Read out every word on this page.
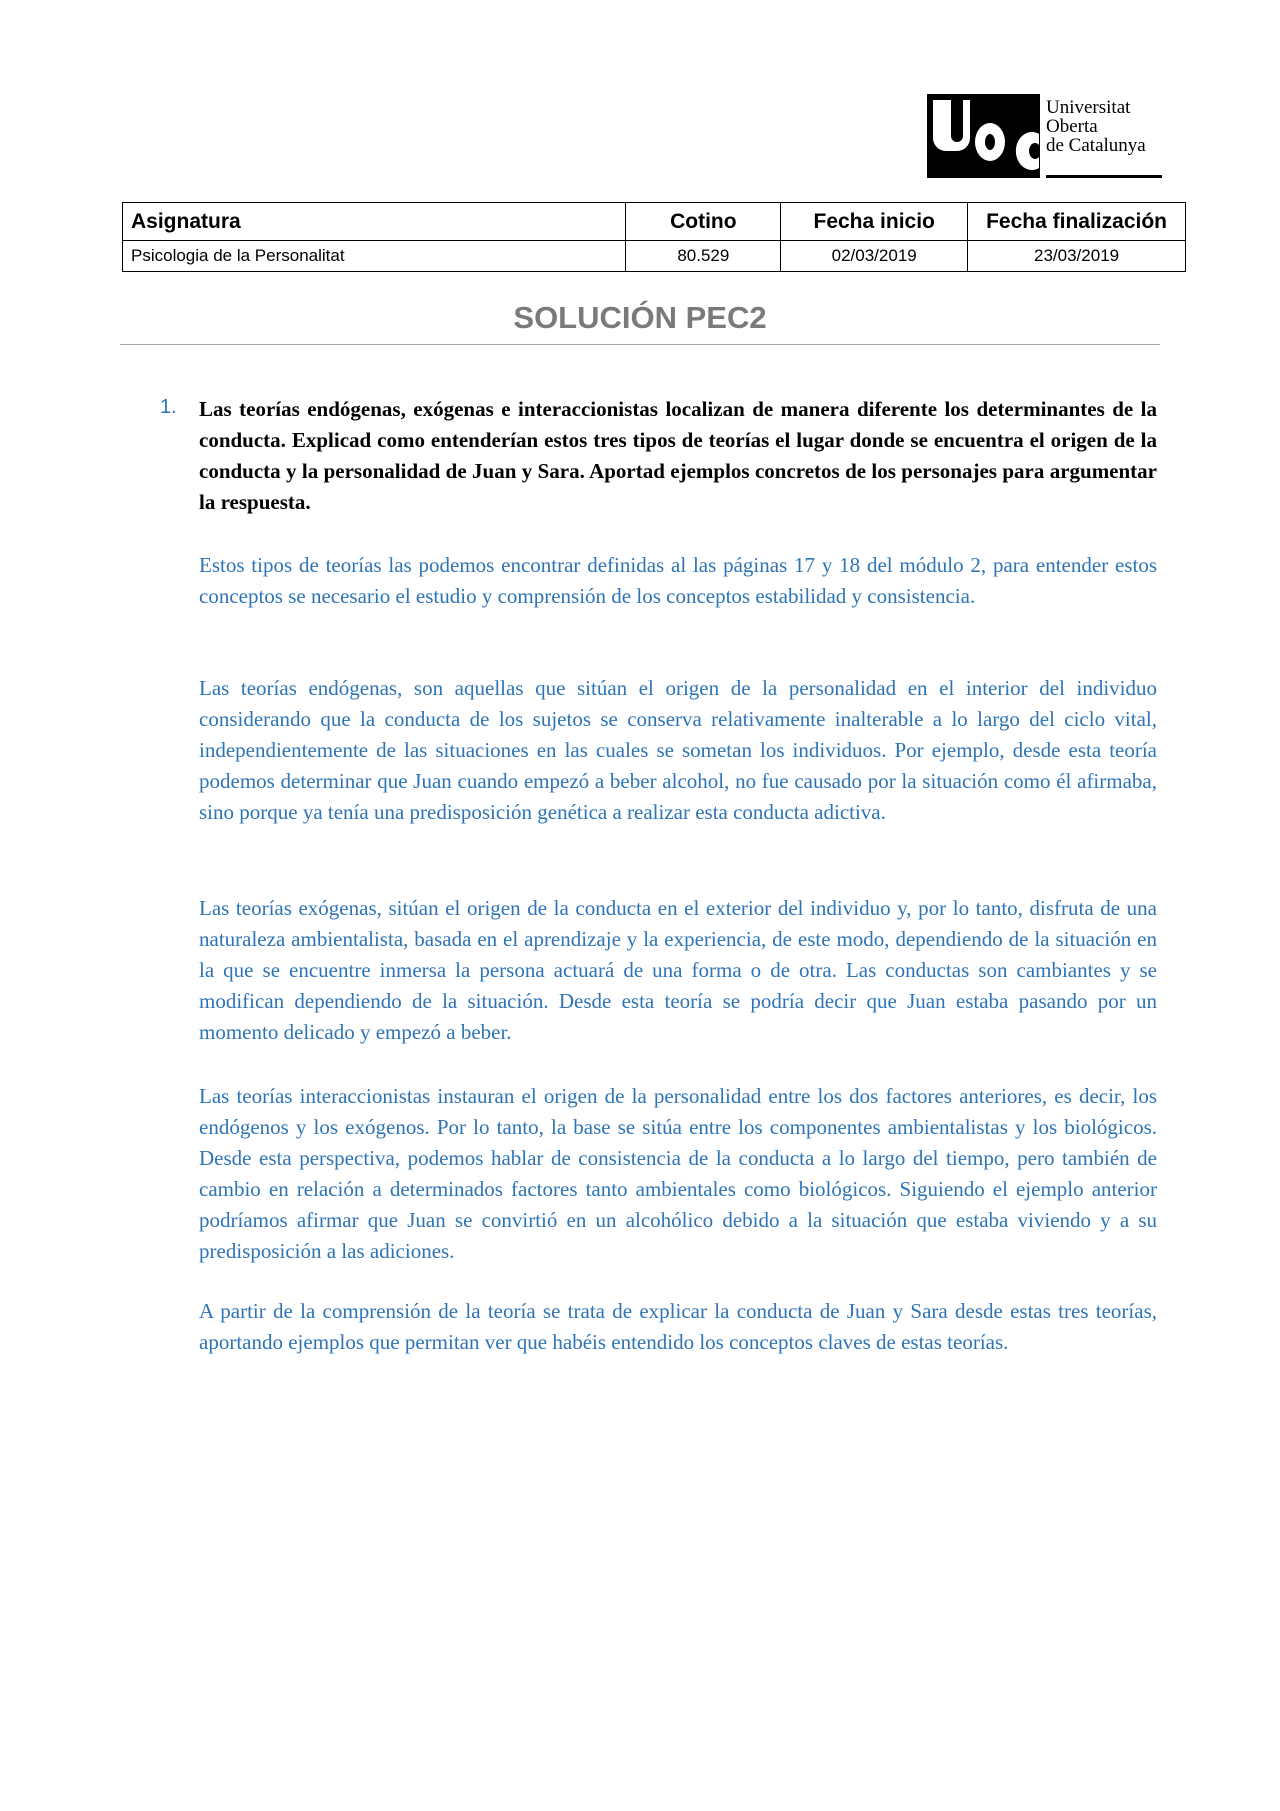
Universitat
Oberta
de Catalunya
Asignatura	Cotino	Fecha inicio	Fecha finalización
Psicologia de la Personalitat	80.529	02/03/2019	23/03/2019
SOLUCIÓN PEC2
1. Las teorías endógenas, exógenas e interaccionistas localizan de manera diferente los determinantes de la conducta. Explicad como entenderían estos tres tipos de teorías el lugar donde se encuentra el origen de la conducta y la personalidad de Juan y Sara. Aportad ejemplos concretos de los personajes para argumentar la respuesta.

Estos tipos de teorías las podemos encontrar definidas al las páginas 17 y 18 del módulo 2, para entender estos conceptos se necesario el estudio y comprensión de los conceptos estabilidad y consistencia.

Las teorías endógenas, son aquellas que sitúan el origen de la personalidad en el interior del individuo considerando que la conducta de los sujetos se conserva relativamente inalterable a lo largo del ciclo vital, independientemente de las situaciones en las cuales se sometan los individuos. Por ejemplo, desde esta teoría podemos determinar que Juan cuando empezó a beber alcohol, no fue causado por la situación como él afirmaba, sino porque ya tenía una predisposición genética a realizar esta conducta adictiva.

Las teorías exógenas, sitúan el origen de la conducta en el exterior del individuo y, por lo tanto, disfruta de una naturaleza ambientalista, basada en el aprendizaje y la experiencia, de este modo, dependiendo de la situación en la que se encuentre inmersa la persona actuará de una forma o de otra. Las conductas son cambiantes y se modifican dependiendo de la situación. Desde esta teoría se podría decir que Juan estaba pasando por un momento delicado y empezó a beber.

Las teorías interaccionistas instauran el origen de la personalidad entre los dos factores anteriores, es decir, los endógenos y los exógenos. Por lo tanto, la base se sitúa entre los componentes ambientalistas y los biológicos. Desde esta perspectiva, podemos hablar de consistencia de la conducta a lo largo del tiempo, pero también de cambio en relación a determinados factores tanto ambientales como biológicos. Siguiendo el ejemplo anterior podríamos afirmar que Juan se convirtió en un alcohólico debido a la situación que estaba viviendo y a su predisposición a las adiciones.

A partir de la comprensión de la teoría se trata de explicar la conducta de Juan y Sara desde estas tres teorías, aportando ejemplos que permitan ver que habéis entendido los conceptos claves de estas teorías.
